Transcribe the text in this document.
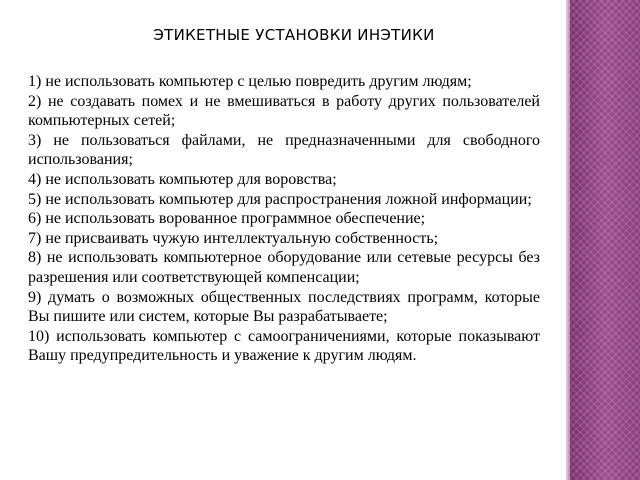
ЭТИКЕТНЫЕ УСТАНОВКИ ИНЭТИКИ
1) не использовать компьютер с целью повредить другим людям;
2) не создавать помех и не вмешиваться в работу других пользователей компьютерных сетей;
3) не пользоваться файлами, не предназначенными для свободного использования;
4) не использовать компьютер для воровства;
5) не использовать компьютер для распространения ложной информации;
6) не использовать ворованное программное обеспечение;
7) не присваивать чужую интеллектуальную собственность;
8) не использовать компьютерное оборудование или сетевые ресурсы без разрешения или соответствующей компенсации;
9) думать о возможных общественных последствиях программ, которые Вы пишите или систем, которые Вы разрабатываете;
10) использовать компьютер с самоограничениями, которые показывают Вашу предупредительность и уважение к другим людям.
